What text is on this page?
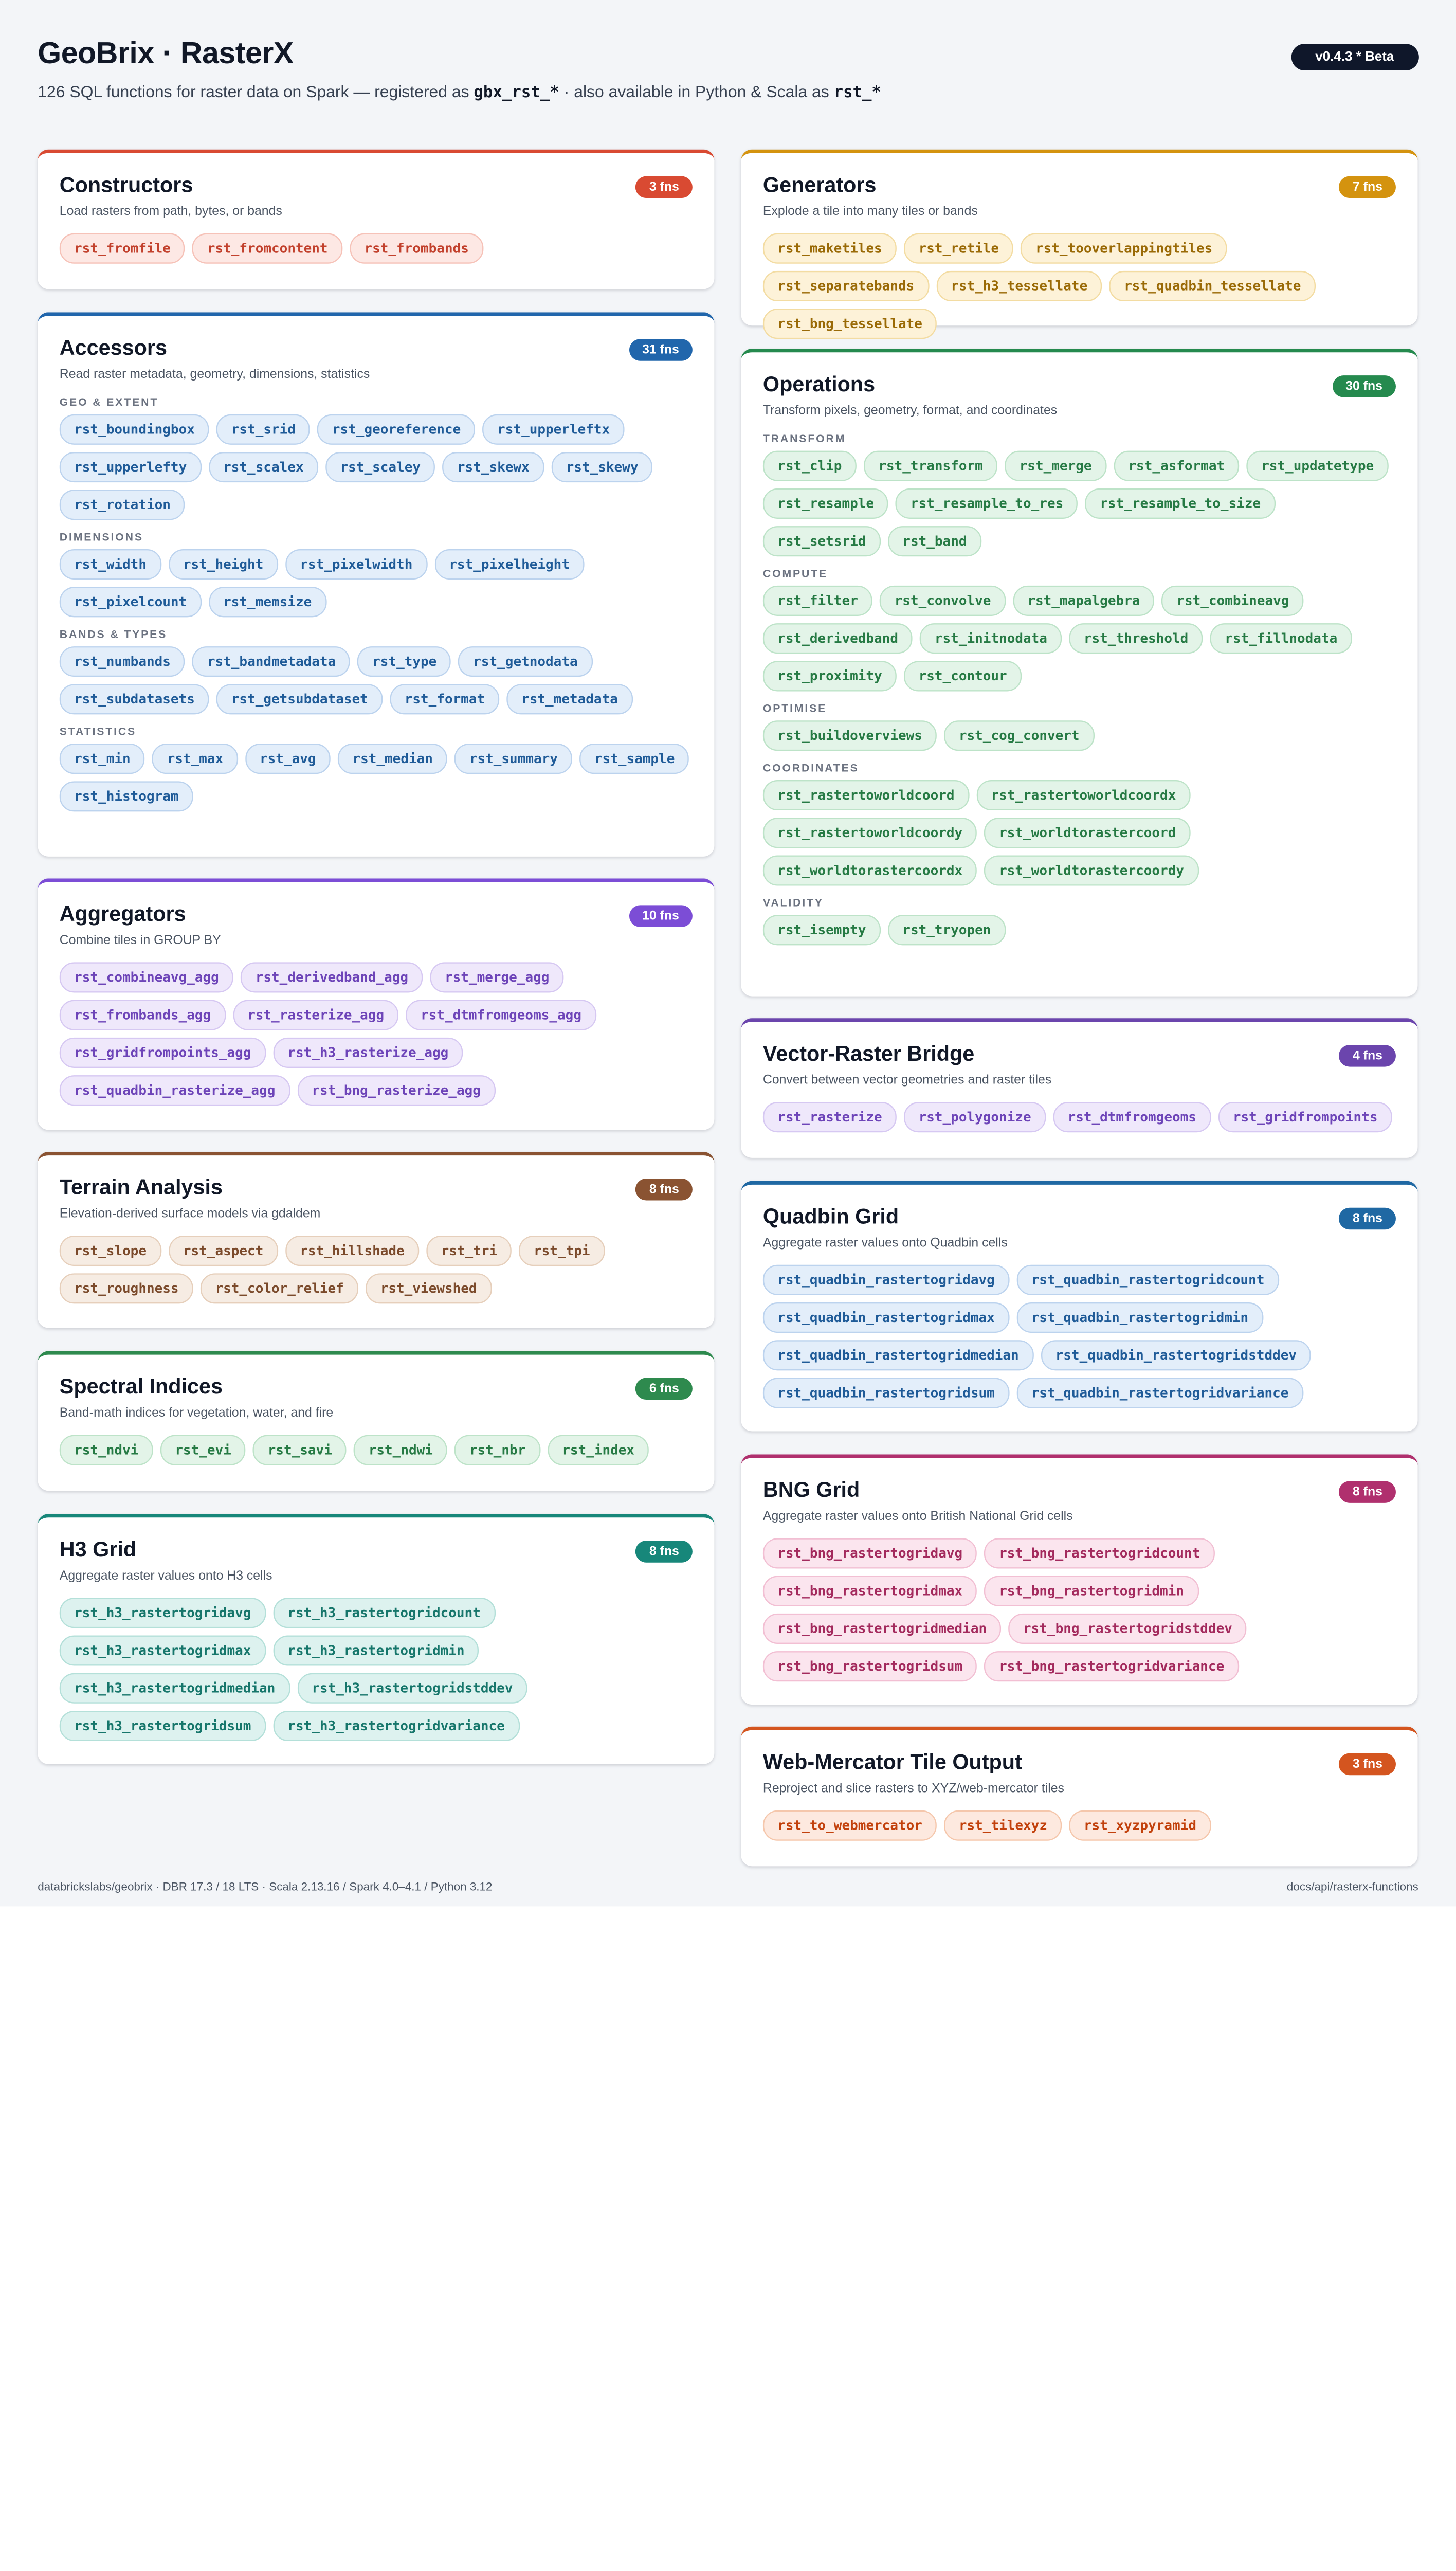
GeoBrix · RasterX
126 SQL functions for raster data on Spark — registered as gbx_rst_* · also available in Python & Scala as rst_*
v0.4.3 * Beta
Constructors
Load rasters from path, bytes, or bands
3 fns
rst_fromfile	rst_fromcontent	rst_frombands
Accessors
Read raster metadata, geometry, dimensions, statistics
31 fns
GEO & EXTENT
rst_boundingbox	rst_srid	rst_georeference	rst_upperleftx
rst_upperlefty	rst_scalex	rst_scaley	rst_skewx	rst_skewy
rst_rotation
DIMENSIONS
rst_width	rst_height	rst_pixelwidth	rst_pixelheight
rst_pixelcount	rst_memsize
BANDS & TYPES
rst_numbands	rst_bandmetadata	rst_type	rst_getnodata
rst_subdatasets	rst_getsubdataset	rst_format	rst_metadata
STATISTICS
rst_min	rst_max	rst_avg	rst_median	rst_summary	rst_sample
rst_histogram
Aggregators
Combine tiles in GROUP BY
10 fns
rst_combineavg_agg	rst_derivedband_agg	rst_merge_agg
rst_frombands_agg	rst_rasterize_agg	rst_dtmfromgeoms_agg
rst_gridfrompoints_agg	rst_h3_rasterize_agg
rst_quadbin_rasterize_agg	rst_bng_rasterize_agg
Terrain Analysis
Elevation-derived surface models via gdaldem
8 fns
rst_slope	rst_aspect	rst_hillshade	rst_tri	rst_tpi
rst_roughness	rst_color_relief	rst_viewshed
Spectral Indices
Band-math indices for vegetation, water, and fire
6 fns
rst_ndvi	rst_evi	rst_savi	rst_ndwi	rst_nbr	rst_index
H3 Grid
Aggregate raster values onto H3 cells
8 fns
rst_h3_rastertogridavg	rst_h3_rastertogridcount
rst_h3_rastertogridmax	rst_h3_rastertogridmin
rst_h3_rastertogridmedian	rst_h3_rastertogridstddev
rst_h3_rastertogridsum	rst_h3_rastertogridvariance
Generators
Explode a tile into many tiles or bands
7 fns
rst_maketiles	rst_retile	rst_tooverlappingtiles
rst_separatebands	rst_h3_tessellate	rst_quadbin_tessellate
rst_bng_tessellate
Operations
Transform pixels, geometry, format, and coordinates
30 fns
TRANSFORM
rst_clip	rst_transform	rst_merge	rst_asformat	rst_updatetype
rst_resample	rst_resample_to_res	rst_resample_to_size
rst_setsrid	rst_band
COMPUTE
rst_filter	rst_convolve	rst_mapalgebra	rst_combineavg
rst_derivedband	rst_initnodata	rst_threshold	rst_fillnodata
rst_proximity	rst_contour
OPTIMISE
rst_buildoverviews	rst_cog_convert
COORDINATES
rst_rastertoworldcoord	rst_rastertoworldcoordx
rst_rastertoworldcoordy	rst_worldtorastercoord
rst_worldtorastercoordx	rst_worldtorastercoordy
VALIDITY
rst_isempty	rst_tryopen
Vector-Raster Bridge
Convert between vector geometries and raster tiles
4 fns
rst_rasterize	rst_polygonize	rst_dtmfromgeoms	rst_gridfrompoints
Quadbin Grid
Aggregate raster values onto Quadbin cells
8 fns
rst_quadbin_rastertogridavg	rst_quadbin_rastertogridcount
rst_quadbin_rastertogridmax	rst_quadbin_rastertogridmin
rst_quadbin_rastertogridmedian	rst_quadbin_rastertogridstddev
rst_quadbin_rastertogridsum	rst_quadbin_rastertogridvariance
BNG Grid
Aggregate raster values onto British National Grid cells
8 fns
rst_bng_rastertogridavg	rst_bng_rastertogridcount
rst_bng_rastertogridmax	rst_bng_rastertogridmin
rst_bng_rastertogridmedian	rst_bng_rastertogridstddev
rst_bng_rastertogridsum	rst_bng_rastertogridvariance
Web-Mercator Tile Output
Reproject and slice rasters to XYZ/web-mercator tiles
3 fns
rst_to_webmercator	rst_tilexyz	rst_xyzpyramid
databrickslabs/geobrix · DBR 17.3 / 18 LTS · Scala 2.13.16 / Spark 4.0–4.1 / Python 3.12	docs/api/rasterx-functions
